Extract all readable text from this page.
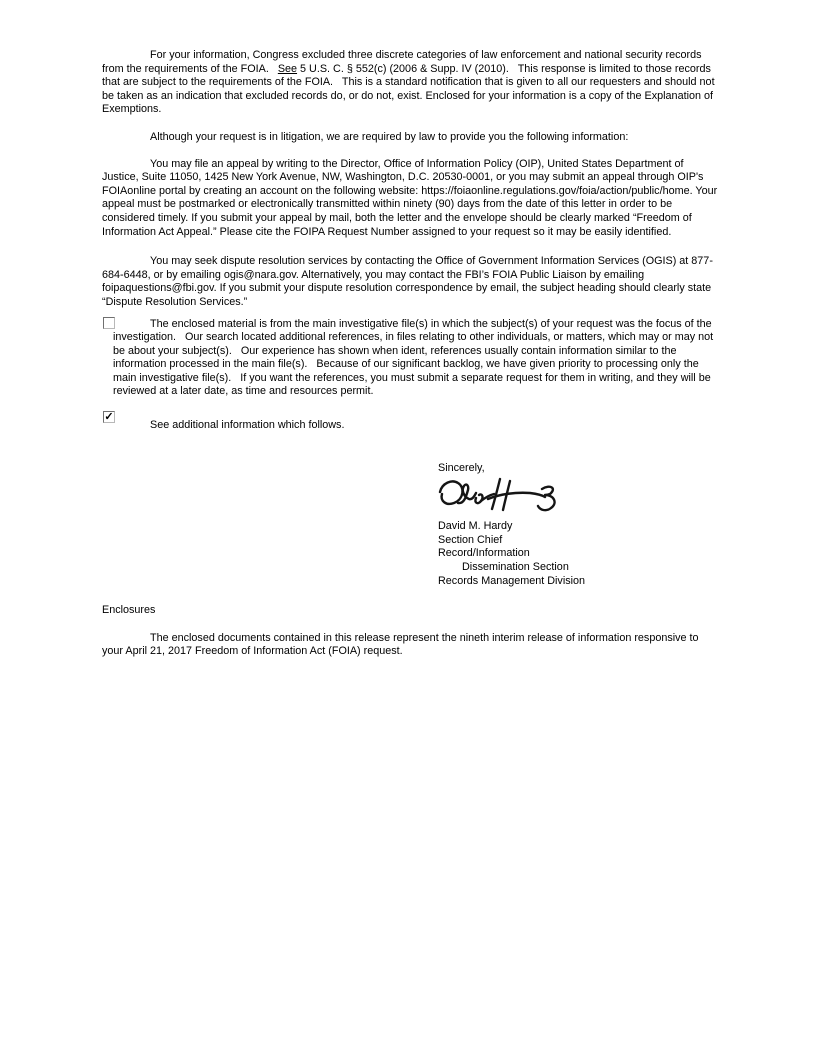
For your information, Congress excluded three discrete categories of law enforcement and national security records from the requirements of the FOIA.   See 5 U.S. C. § 552(c) (2006 & Supp. IV (2010).   This response is limited to those records that are subject to the requirements of the FOIA.   This is a standard notification that is given to all our requesters and should not be taken as an indication that excluded records do, or do not, exist. Enclosed for your information is a copy of the Explanation of Exemptions.

Although your request is in litigation, we are required by law to provide you the following information:

You may file an appeal by writing to the Director, Office of Information Policy (OIP), United States Department of Justice, Suite 11050, 1425 New York Avenue, NW, Washington, D.C. 20530-0001, or you may submit an appeal through OIP's FOIAonline portal by creating an account on the following website: https://foiaonline.regulations.gov/foia/action/public/home. Your appeal must be postmarked or electronically transmitted within ninety (90) days from the date of this letter in order to be considered timely. If you submit your appeal by mail, both the letter and the envelope should be clearly marked “Freedom of Information Act Appeal.” Please cite the FOIPA Request Number assigned to your request so it may be easily identified.

You may seek dispute resolution services by contacting the Office of Government Information Services (OGIS) at 877-684-6448, or by emailing ogis@nara.gov. Alternatively, you may contact the FBI’s FOIA Public Liaison by emailing foipaquestions@fbi.gov. If you submit your dispute resolution correspondence by email, the subject heading should clearly state “Dispute Resolution Services.”

The enclosed material is from the main investigative file(s) in which the subject(s) of your request was the focus of the investigation.   Our search located additional references, in files relating to other individuals, or matters, which may or may not be about your subject(s).   Our experience has shown when ident, references usually contain information similar to the information processed in the main file(s).   Because of our significant backlog, we have given priority to processing only the main investigative file(s).   If you want the references, you must submit a separate request for them in writing, and they will be reviewed at a later date, as time and resources permit.

✓

See additional information which follows.

Sincerely,

David M. Hardy

Section Chief

Record/Information

Dissemination Section

Records Management Division

Enclosures

The enclosed documents contained in this release represent the nineth interim release of information responsive to your April 21, 2017 Freedom of Information Act (FOIA) request.
